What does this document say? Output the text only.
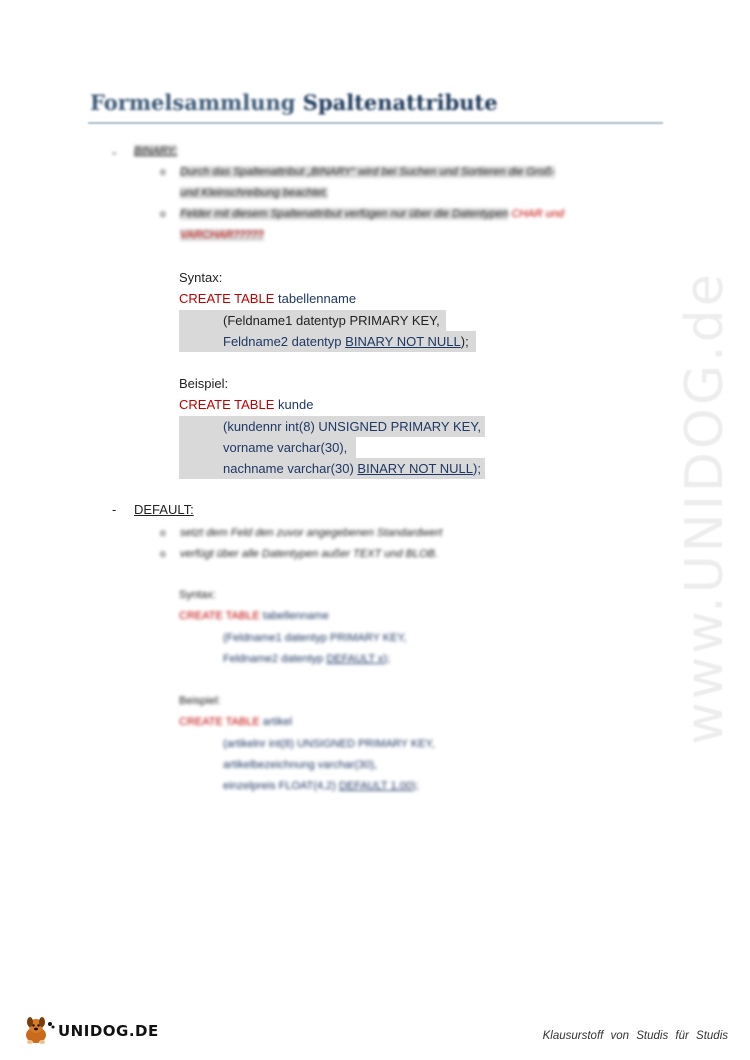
Formelsammlung Spaltenattribute
- BINARY:
o Durch das Spaltenattribut „BINARY“ wird bei Suchen und Sortieren die Groß-
und Kleinschreibung beachtet.
o Felder mit diesem Spaltenattribut verfügen nur über die Datentypen CHAR und
VARCHAR?????
Syntax:
CREATE TABLE tabellenname
(Feldname1 datentyp PRIMARY KEY,
Feldname2 datentyp BINARY NOT NULL);
Beispiel:
CREATE TABLE kunde
(kundennr int(8) UNSIGNED PRIMARY KEY,
vorname varchar(30),
nachname varchar(30) BINARY NOT NULL);
- DEFAULT:
o setzt dem Feld den zuvor angegebenen Standardwert
o verfügt über alle Datentypen außer TEXT und BLOB.
Syntax:
CREATE TABLE tabellenname
(Feldname1 datentyp PRIMARY KEY,
Feldname2 datentyp DEFAULT x);
Beispiel:
CREATE TABLE artikel
(artikelnr int(8) UNSIGNED PRIMARY KEY,
artikelbezeichnung varchar(30),
einzelpreis FLOAT(4,2) DEFAULT 1.00);
www.UNIDOG.de
UNIDOG.DE	Klausurstoff von Studis für Studis
